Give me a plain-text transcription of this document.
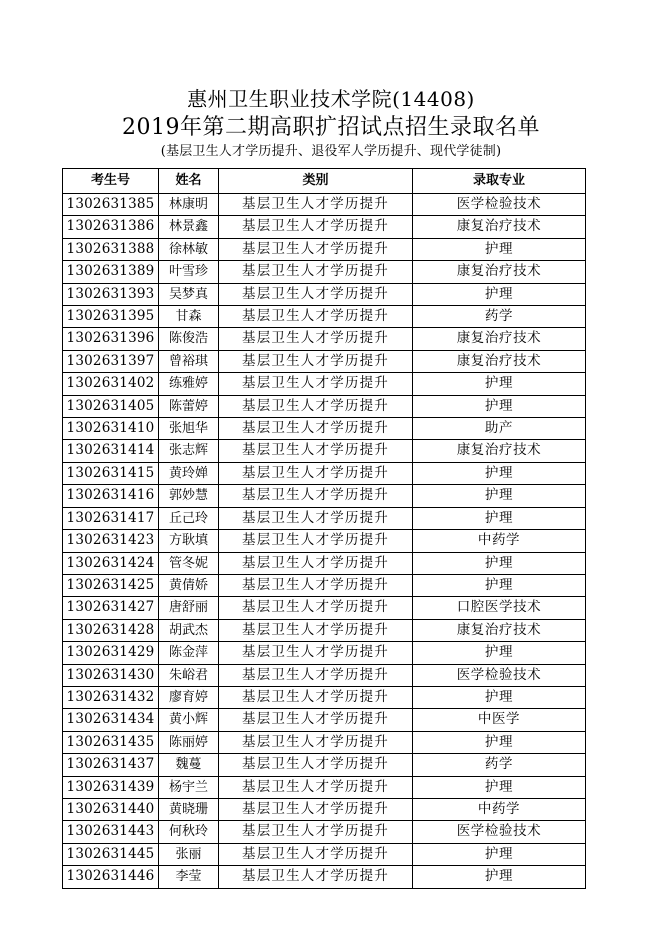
惠州卫生职业技术学院(14408)
2019年第二期高职扩招试点招生录取名单
(基层卫生人才学历提升、退役军人学历提升、现代学徒制)
考生号	姓名	类别	录取专业
1302631385	林康明	基层卫生人才学历提升	医学检验技术
1302631386	林景鑫	基层卫生人才学历提升	康复治疗技术
1302631388	徐林敏	基层卫生人才学历提升	护理
1302631389	叶雪珍	基层卫生人才学历提升	康复治疗技术
1302631393	吴梦真	基层卫生人才学历提升	护理
1302631395	甘森	基层卫生人才学历提升	药学
1302631396	陈俊浩	基层卫生人才学历提升	康复治疗技术
1302631397	曾裕琪	基层卫生人才学历提升	康复治疗技术
1302631402	练雅婷	基层卫生人才学历提升	护理
1302631405	陈蕾婷	基层卫生人才学历提升	护理
1302631410	张旭华	基层卫生人才学历提升	助产
1302631414	张志辉	基层卫生人才学历提升	康复治疗技术
1302631415	黄玲婵	基层卫生人才学历提升	护理
1302631416	郭妙慧	基层卫生人才学历提升	护理
1302631417	丘己玲	基层卫生人才学历提升	护理
1302631423	方耿填	基层卫生人才学历提升	中药学
1302631424	管冬妮	基层卫生人才学历提升	护理
1302631425	黄倩娇	基层卫生人才学历提升	护理
1302631427	唐舒丽	基层卫生人才学历提升	口腔医学技术
1302631428	胡武杰	基层卫生人才学历提升	康复治疗技术
1302631429	陈金萍	基层卫生人才学历提升	护理
1302631430	朱峪君	基层卫生人才学历提升	医学检验技术
1302631432	廖育婷	基层卫生人才学历提升	护理
1302631434	黄小辉	基层卫生人才学历提升	中医学
1302631435	陈丽婷	基层卫生人才学历提升	护理
1302631437	魏蔓	基层卫生人才学历提升	药学
1302631439	杨宇兰	基层卫生人才学历提升	护理
1302631440	黄晓珊	基层卫生人才学历提升	中药学
1302631443	何秋玲	基层卫生人才学历提升	医学检验技术
1302631445	张丽	基层卫生人才学历提升	护理
1302631446	李莹	基层卫生人才学历提升	护理
